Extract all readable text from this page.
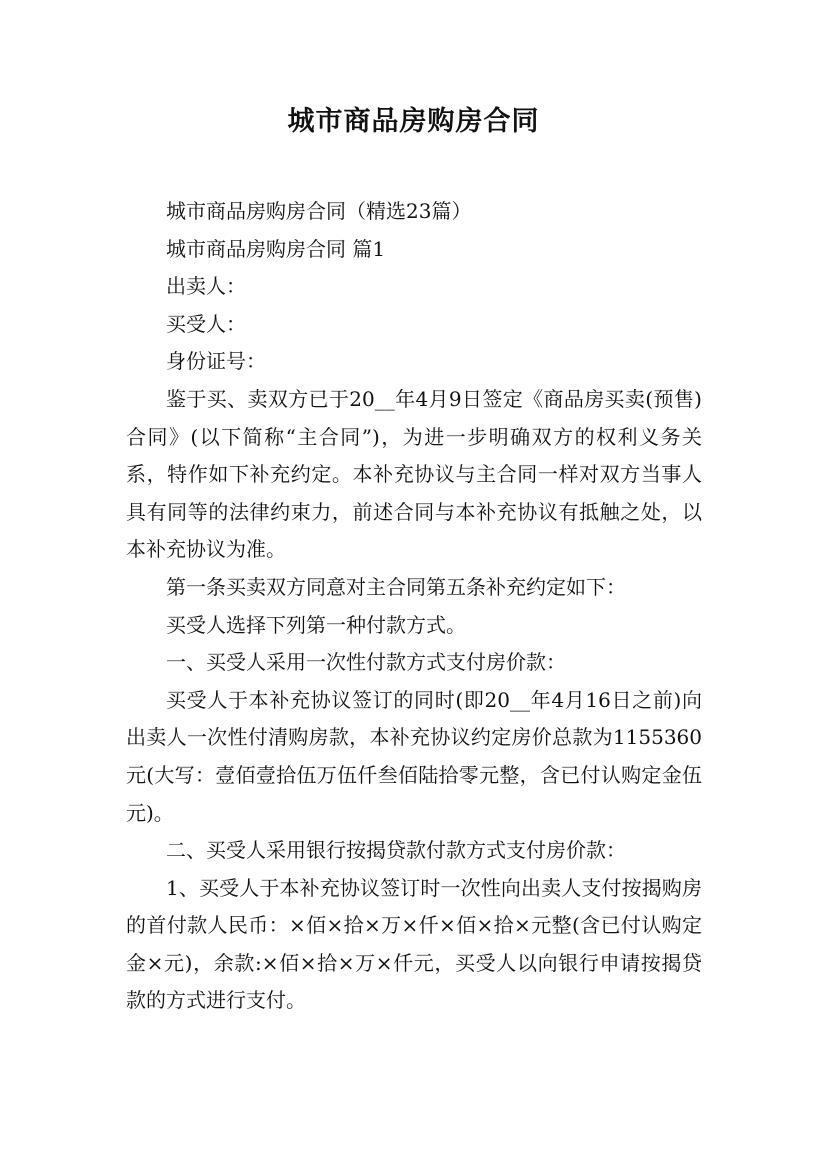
城市商品房购房合同

城市商品房购房合同（精选23篇）

城市商品房购房合同 篇1

出卖人：

买受人：

身份证号：

鉴于买、卖双方已于20__年4月9日签定《商品房买卖(预售)合同》(以下简称“主合同”)，为进一步明确双方的权利义务关系，特作如下补充约定。本补充协议与主合同一样对双方当事人具有同等的法律约束力，前述合同与本补充协议有抵触之处，以本补充协议为准。

第一条买卖双方同意对主合同第五条补充约定如下：

买受人选择下列第一种付款方式。

一、买受人采用一次性付款方式支付房价款：

买受人于本补充协议签订的同时(即20__年4月16日之前)向出卖人一次性付清购房款，本补充协议约定房价总款为1155360元(大写：壹佰壹拾伍万伍仟叁佰陆拾零元整，含已付认购定金伍元)。

二、买受人采用银行按揭贷款付款方式支付房价款：

1、买受人于本补充协议签订时一次性向出卖人支付按揭购房的首付款人民币：×佰×拾×万×仟×佰×拾×元整(含已付认购定金×元)，余款:×佰×拾×万×仟元，买受人以向银行申请按揭贷款的方式进行支付。
